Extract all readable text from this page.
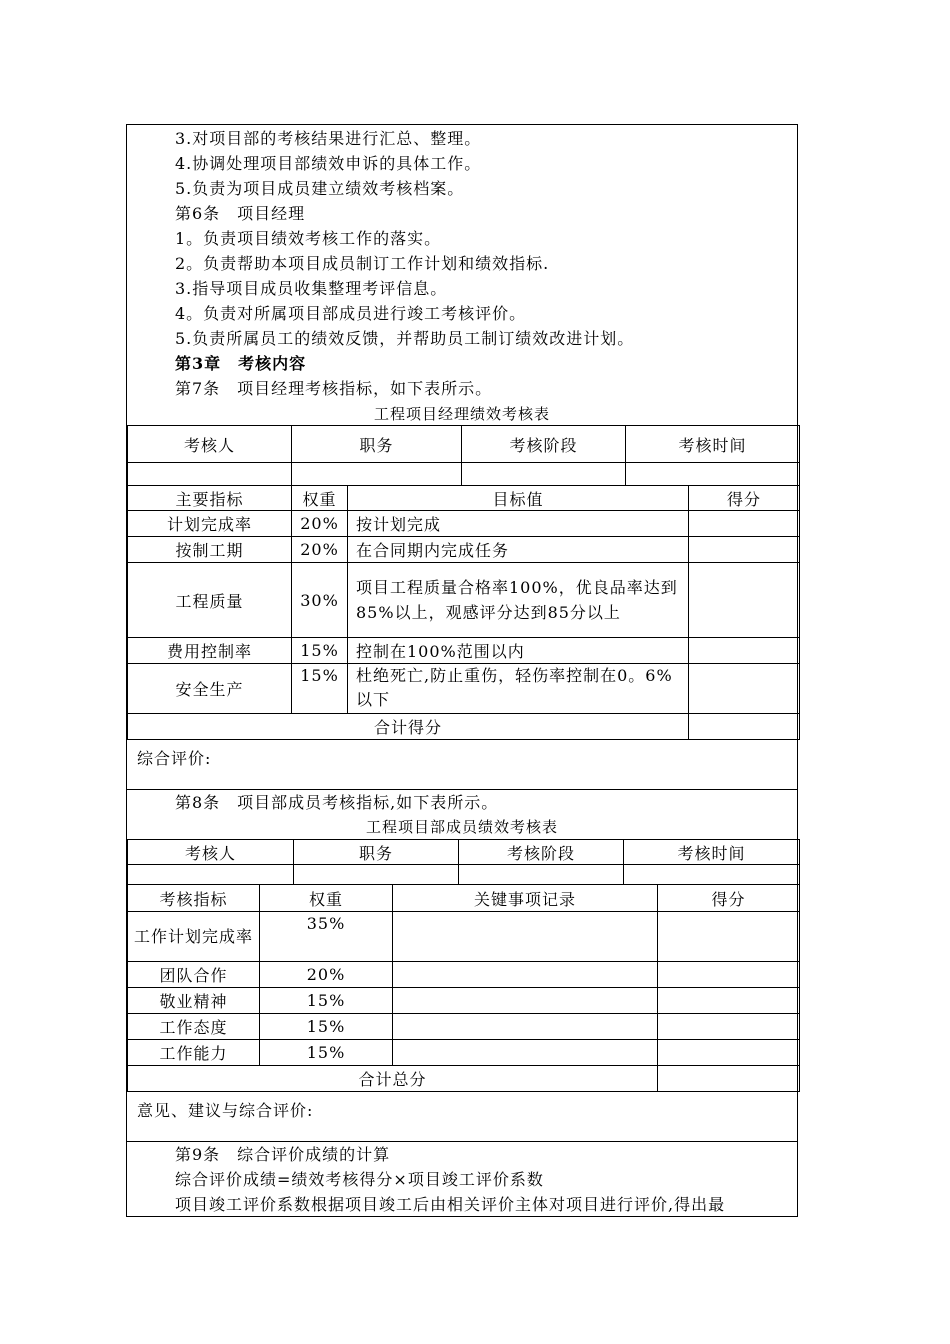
3.对项目部的考核结果进行汇总、整理。
4.协调处理项目部绩效申诉的具体工作。
5.负责为项目成员建立绩效考核档案。
第6条　项目经理
1。负责项目绩效考核工作的落实。
2。负责帮助本项目成员制订工作计划和绩效指标.
3.指导项目成员收集整理考评信息。
4。负责对所属项目部成员进行竣工考核评价。
5.负责所属员工的绩效反馈，并帮助员工制订绩效改进计划。
第3章　考核内容
第7条　项目经理考核指标，如下表所示。
工程项目经理绩效考核表
考核人	职务	考核阶段	考核时间

主要指标	权重	目标值	得分
计划完成率	20%	按计划完成	
按制工期	20%	在合同期内完成任务	
工程质量	30%	项目工程质量合格率100%，优良品率达到85%以上，观感评分达到85分以上	
费用控制率	15%	控制在100%范围以内	
安全生产	15%	杜绝死亡,防止重伤，轻伤率控制在0。6%以下	
合计得分			
综合评价:
第8条　项目部成员考核指标,如下表所示。
工程项目部成员绩效考核表
考核人	职务	考核阶段	考核时间

考核指标	权重	关键事项记录	得分
工作计划完成率	35%		
团队合作	20%		
敬业精神	15%		
工作态度	15%		
工作能力	15%		
合计总分			
意见、建议与综合评价:
第9条　综合评价成绩的计算
综合评价成绩=绩效考核得分×项目竣工评价系数
项目竣工评价系数根据项目竣工后由相关评价主体对项目进行评价,得出最
